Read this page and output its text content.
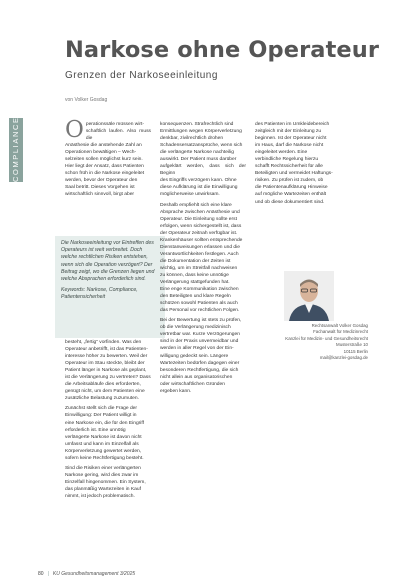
COMPLIANCE
Narkose ohne Operateur
Grenzen der Narkoseeinleitung
von Volker Gosdag
O perationssäle müssen wirt-
schaftlich laufen. Also muss die
Anästhesie die anstehende Zahl an
Operationen bewältigen – Wech-
selzeiten sollen möglichst kurz sein.
Hier liegt der Ansatz, dass Patienten
schon früh in die Narkose eingeleitet
werden, bevor der Operateur den
Saal betritt. Dieses Vorgehen ist
wirtschaftlich sinnvoll, birgt aber
Die Narkoseeinleitung vor Eintreffen des Operateurs ist weit verbreitet. Doch welche rechtlichen Risiken entstehen, wenn sich die Operation verzögert? Der Beitrag zeigt, wo die Grenzen liegen und welche Absprachen erforderlich sind.
Keywords: Narkose, Compliance, Patientensicherheit
besteht, „fertig“ vorfinden. Was den
Operateur anbetrifft, ist das Patienten-
interesse höher zu bewerten. Weil der
Operateur im Stau steckte, bleibt der
Patient länger in Narkose als geplant,
ist die Verlängerung zu vertreten? Dass
die Arbeitsabläufe dies erforderten,
genügt nicht, um dem Patienten eine
zusätzliche Belastung zuzumuten.

Zunächst stellt sich die Frage der
Einwilligung: Der Patient willigt in
eine Narkose ein, die für den Eingriff
erforderlich ist. Eine unnötig
verlängerte Narkose ist davon nicht
umfasst und kann im Einzelfall als
Körperverletzung gewertet werden,
sofern keine Rechtfertigung besteht.

Sind die Risiken einer verlängerten
Narkose gering, wird dies zwar im
Einzelfall hingenommen. Ein System,
das planmäßig Wartezeiten in Kauf
nimmt, ist jedoch problematisch.
konsequenzen. Strafrechtlich sind
Ermittlungen wegen Körperverletzung
denkbar, zivilrechtlich drohen
Schadensersatzansprüche, wenn sich
die verlängerte Narkose nachteilig
auswirkt. Der Patient muss darüber
aufgeklärt werden, dass sich der Beginn
des Eingriffs verzögern kann. Ohne
diese Aufklärung ist die Einwilligung
möglicherweise unwirksam.

Deshalb empfiehlt sich eine klare
Absprache zwischen Anästhesie und
Operateur. Die Einleitung sollte erst
erfolgen, wenn sichergestellt ist, dass
der Operateur zeitnah verfügbar ist.
Krankenhäuser sollten entsprechende
Dienstanweisungen erlassen und die
Verantwortlichkeiten festlegen. Auch
die Dokumentation der Zeiten ist
wichtig, um im Streitfall nachweisen
zu können, dass keine unnötige
Verlängerung stattgefunden hat.
Eine enge Kommunikation zwischen
den Beteiligten und klare Regeln
schützen sowohl Patienten als auch
das Personal vor rechtlichen Folgen.

Bei der Bewertung ist stets zu prüfen,
ob die Verlängerung medizinisch
vertretbar war. Kurze Verzögerungen
sind in der Praxis unvermeidbar und
werden in aller Regel von der Ein-
willigung gedeckt sein. Längere
Wartezeiten bedürfen dagegen einer
besonderen Rechtfertigung, die sich
nicht allein aus organisatorischen
oder wirtschaftlichen Gründen
ergeben kann.
des Patienten im Umkleidebereich
zeitgleich mit der Einleitung zu
beginnen. Ist der Operateur nicht
im Haus, darf die Narkose nicht
eingeleitet werden. Eine
verbindliche Regelung hierzu
schafft Rechtssicherheit für alle
Beteiligten und vermeidet Haftungs-
risiken. Zu prüfen ist zudem, ob
die Patientenaufklärung Hinweise
auf mögliche Wartezeiten enthält
und ob diese dokumentiert sind.
Rechtsanwalt Volker Gosdag
Fachanwalt für Medizinrecht
Kanzlei für Medizin- und Gesundheitsrecht
Musterstraße 10
10115 Berlin
mail@kanzlei-gosdag.de
80 | KU Gesundheitsmanagement 3/2025
